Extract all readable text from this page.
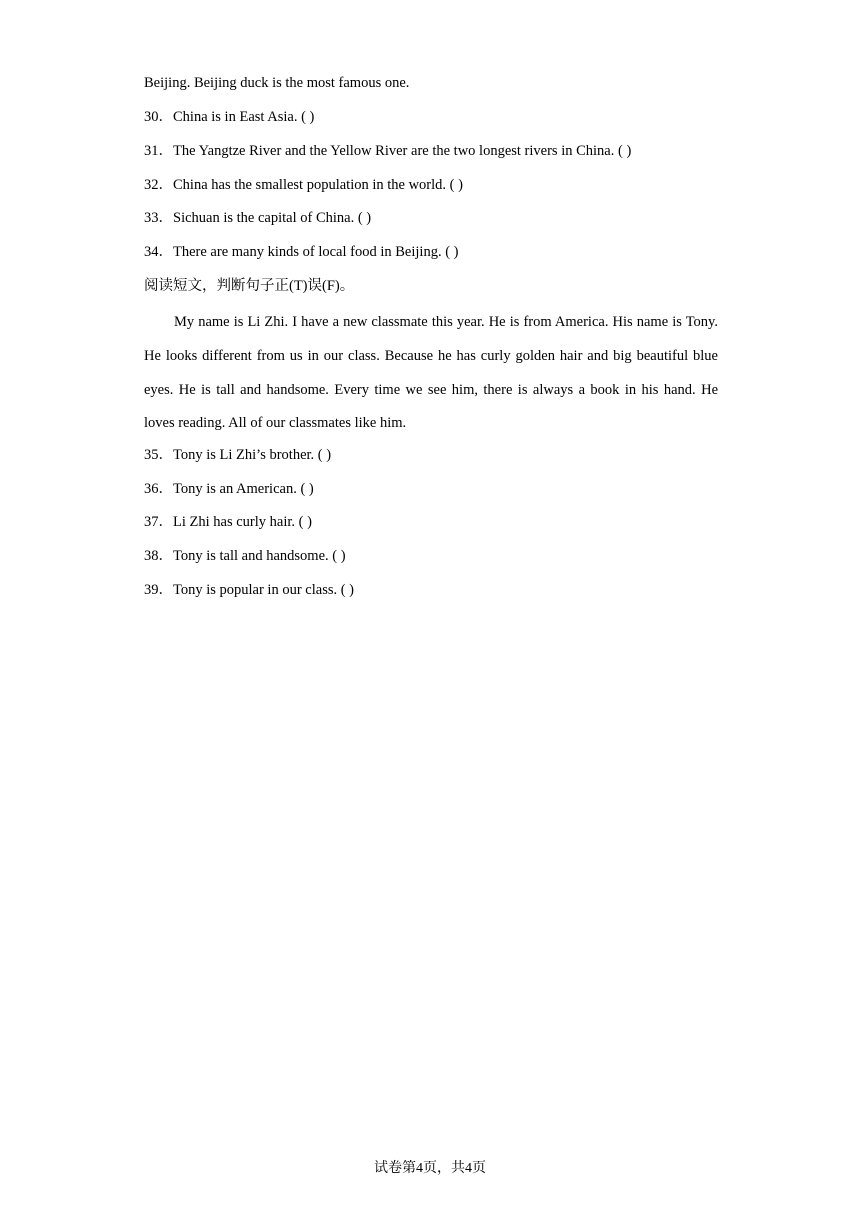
Beijing. Beijing duck is the most famous one.
30．China is in East Asia. ( )
31．The Yangtze River and the Yellow River are the two longest rivers in China. ( )
32．China has the smallest population in the world. ( )
33．Sichuan is the capital of China. ( )
34．There are many kinds of local food in Beijing. ( )
阅读短文，判断句子正(T)误(F)。
My name is Li Zhi. I have a new classmate this year. He is from America. His name is Tony. He looks different from us in our class. Because he has curly golden hair and big beautiful blue eyes. He is tall and handsome. Every time we see him, there is always a book in his hand. He loves reading. All of our classmates like him.
35．Tony is Li Zhi’s brother. ( )
36．Tony is an American. ( )
37．Li Zhi has curly hair. ( )
38．Tony is tall and handsome. ( )
39．Tony is popular in our class. ( )
试卷第4页，共4页
